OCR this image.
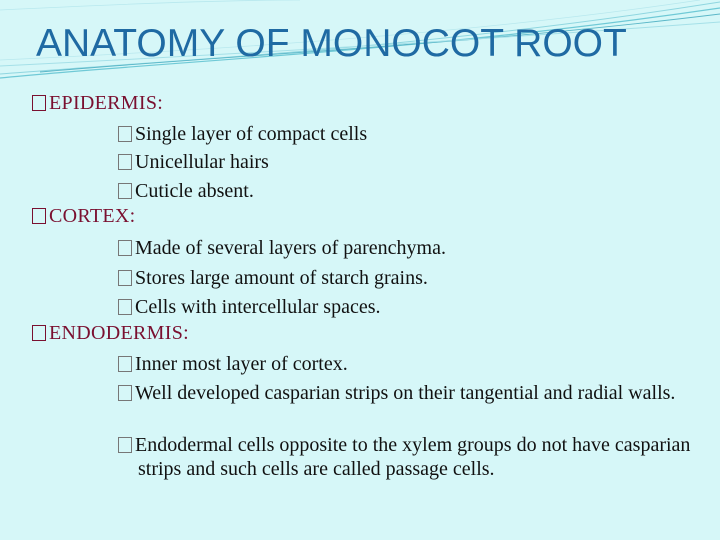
ANATOMY OF MONOCOT ROOT
EPIDERMIS:
Single layer of compact cells
Unicellular hairs
Cuticle absent.
CORTEX:
Made of several layers of parenchyma.
Stores large amount of starch grains.
Cells with intercellular spaces.
ENDODERMIS:
Inner most layer of cortex.
Well developed casparian strips on their tangential and radial walls.
Endodermal cells opposite to the xylem groups do not have casparian strips and such cells are called passage cells.
